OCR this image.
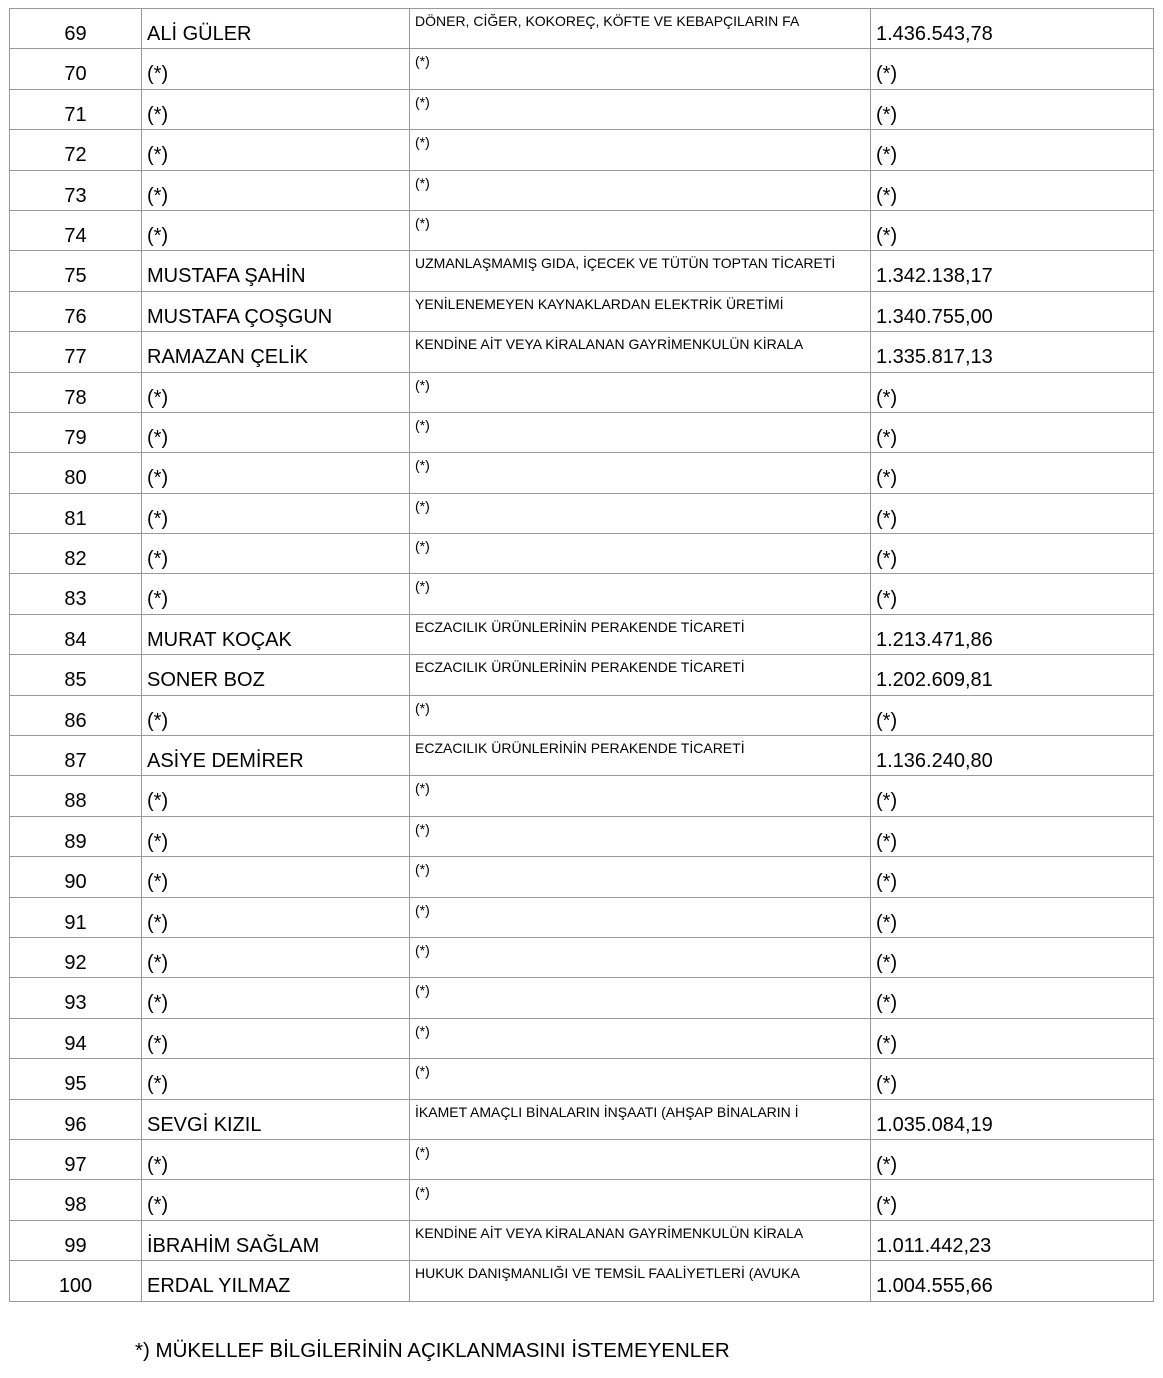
69	ALİ GÜLER	DÖNER, CİĞER, KOKOREÇ, KÖFTE VE KEBAPÇILARIN FA	1.436.543,78
70	(*)	(*)	(*)
71	(*)	(*)	(*)
72	(*)	(*)	(*)
73	(*)	(*)	(*)
74	(*)	(*)	(*)
75	MUSTAFA ŞAHİN	UZMANLAŞMAMIŞ GIDA, İÇECEK VE TÜTÜN TOPTAN TİCARETİ	1.342.138,17
76	MUSTAFA ÇOŞGUN	YENİLENEMEYEN KAYNAKLARDAN ELEKTRİK ÜRETİMİ	1.340.755,00
77	RAMAZAN ÇELİK	KENDİNE AİT VEYA KİRALANAN GAYRİMENKULÜN KİRALA	1.335.817,13
78	(*)	(*)	(*)
79	(*)	(*)	(*)
80	(*)	(*)	(*)
81	(*)	(*)	(*)
82	(*)	(*)	(*)
83	(*)	(*)	(*)
84	MURAT KOÇAK	ECZACILIK ÜRÜNLERİNİN PERAKENDE TİCARETİ	1.213.471,86
85	SONER BOZ	ECZACILIK ÜRÜNLERİNİN PERAKENDE TİCARETİ	1.202.609,81
86	(*)	(*)	(*)
87	ASİYE DEMİRER	ECZACILIK ÜRÜNLERİNİN PERAKENDE TİCARETİ	1.136.240,80
88	(*)	(*)	(*)
89	(*)	(*)	(*)
90	(*)	(*)	(*)
91	(*)	(*)	(*)
92	(*)	(*)	(*)
93	(*)	(*)	(*)
94	(*)	(*)	(*)
95	(*)	(*)	(*)
96	SEVGİ KIZIL	İKAMET AMAÇLI BİNALARIN İNŞAATI (AHŞAP BİNALARIN İ	1.035.084,19
97	(*)	(*)	(*)
98	(*)	(*)	(*)
99	İBRAHİM SAĞLAM	KENDİNE AİT VEYA KİRALANAN GAYRİMENKULÜN KİRALA	1.011.442,23
100	ERDAL YILMAZ	HUKUK DANIŞMANLIĞI VE TEMSİL FAALİYETLERİ (AVUKA	1.004.555,66
*) MÜKELLEF BİLGİLERİNİN AÇIKLANMASINI İSTEMEYENLER
